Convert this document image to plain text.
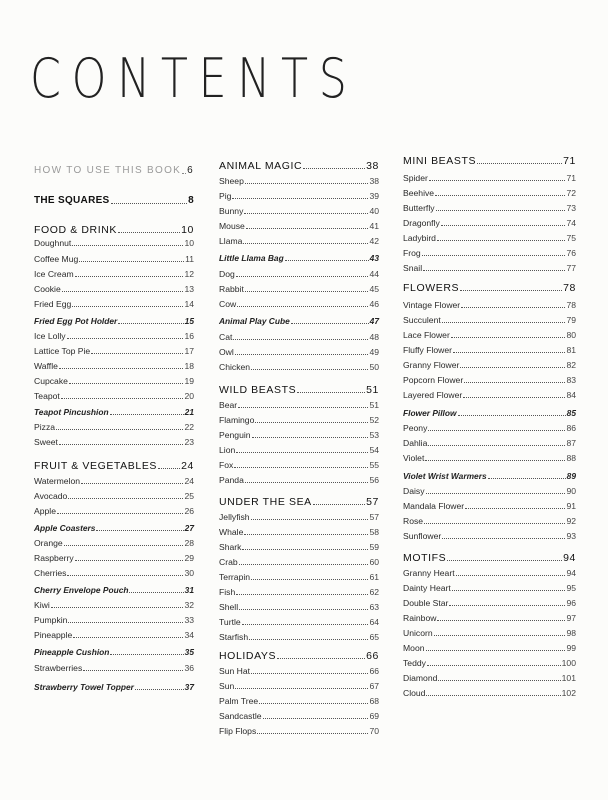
CONTENTS
HOW TO USE THIS BOOK 6
THE SQUARES	8
FOOD & DRINK	10
Doughnut	10
Coffee Mug	11
Ice Cream	12
Cookie	13
Fried Egg	14
Fried Egg Pot Holder	15
Ice Lolly	16
Lattice Top Pie	17
Waffle	18
Cupcake	19
Teapot	20
Teapot Pincushion	21
Pizza	22
Sweet	23
FRUIT & VEGETABLES 24
Watermelon	24
Avocado	25
Apple	26
Apple Coasters	27
Orange	28
Raspberry	29
Cherries	30
Cherry Envelope Pouch	31
Kiwi	32
Pumpkin	33
Pineapple	34
Pineapple Cushion	35
Strawberries	36
Strawberry Towel Topper	37
ANIMAL MAGIC	38
Sheep	38
Pig	39
Bunny	40
Mouse	41
Llama	42
Little Llama Bag	43
Dog	44
Rabbit	45
Cow	46
Animal Play Cube	47
Cat	48
Owl	49
Chicken	50
WILD BEASTS	51
Bear	51
Flamingo	52
Penguin	53
Lion	54
Fox	55
Panda	56
UNDER THE SEA	57
Jellyfish	57
Whale	58
Shark	59
Crab	60
Terrapin	61
Fish	62
Shell	63
Turtle	64
Starfish	65
HOLIDAYS	66
Sun Hat	66
Sun	67
Palm Tree	68
Sandcastle	69
Flip Flops	70
MINI BEASTS	71
Spider	71
Beehive	72
Butterfly	73
Dragonfly	74
Ladybird	75
Frog	76
Snail	77
FLOWERS	78
Vintage Flower	78
Succulent	79
Lace Flower	80
Fluffy Flower	81
Granny Flower	82
Popcorn Flower	83
Layered Flower	84
Flower Pillow	85
Peony	86
Dahlia	87
Violet	88
Violet Wrist Warmers	89
Daisy	90
Mandala Flower	91
Rose	92
Sunflower	93
MOTIFS	94
Granny Heart	94
Dainty Heart	95
Double Star	96
Rainbow	97
Unicorn	98
Moon	99
Teddy	100
Diamond	101
Cloud	102
